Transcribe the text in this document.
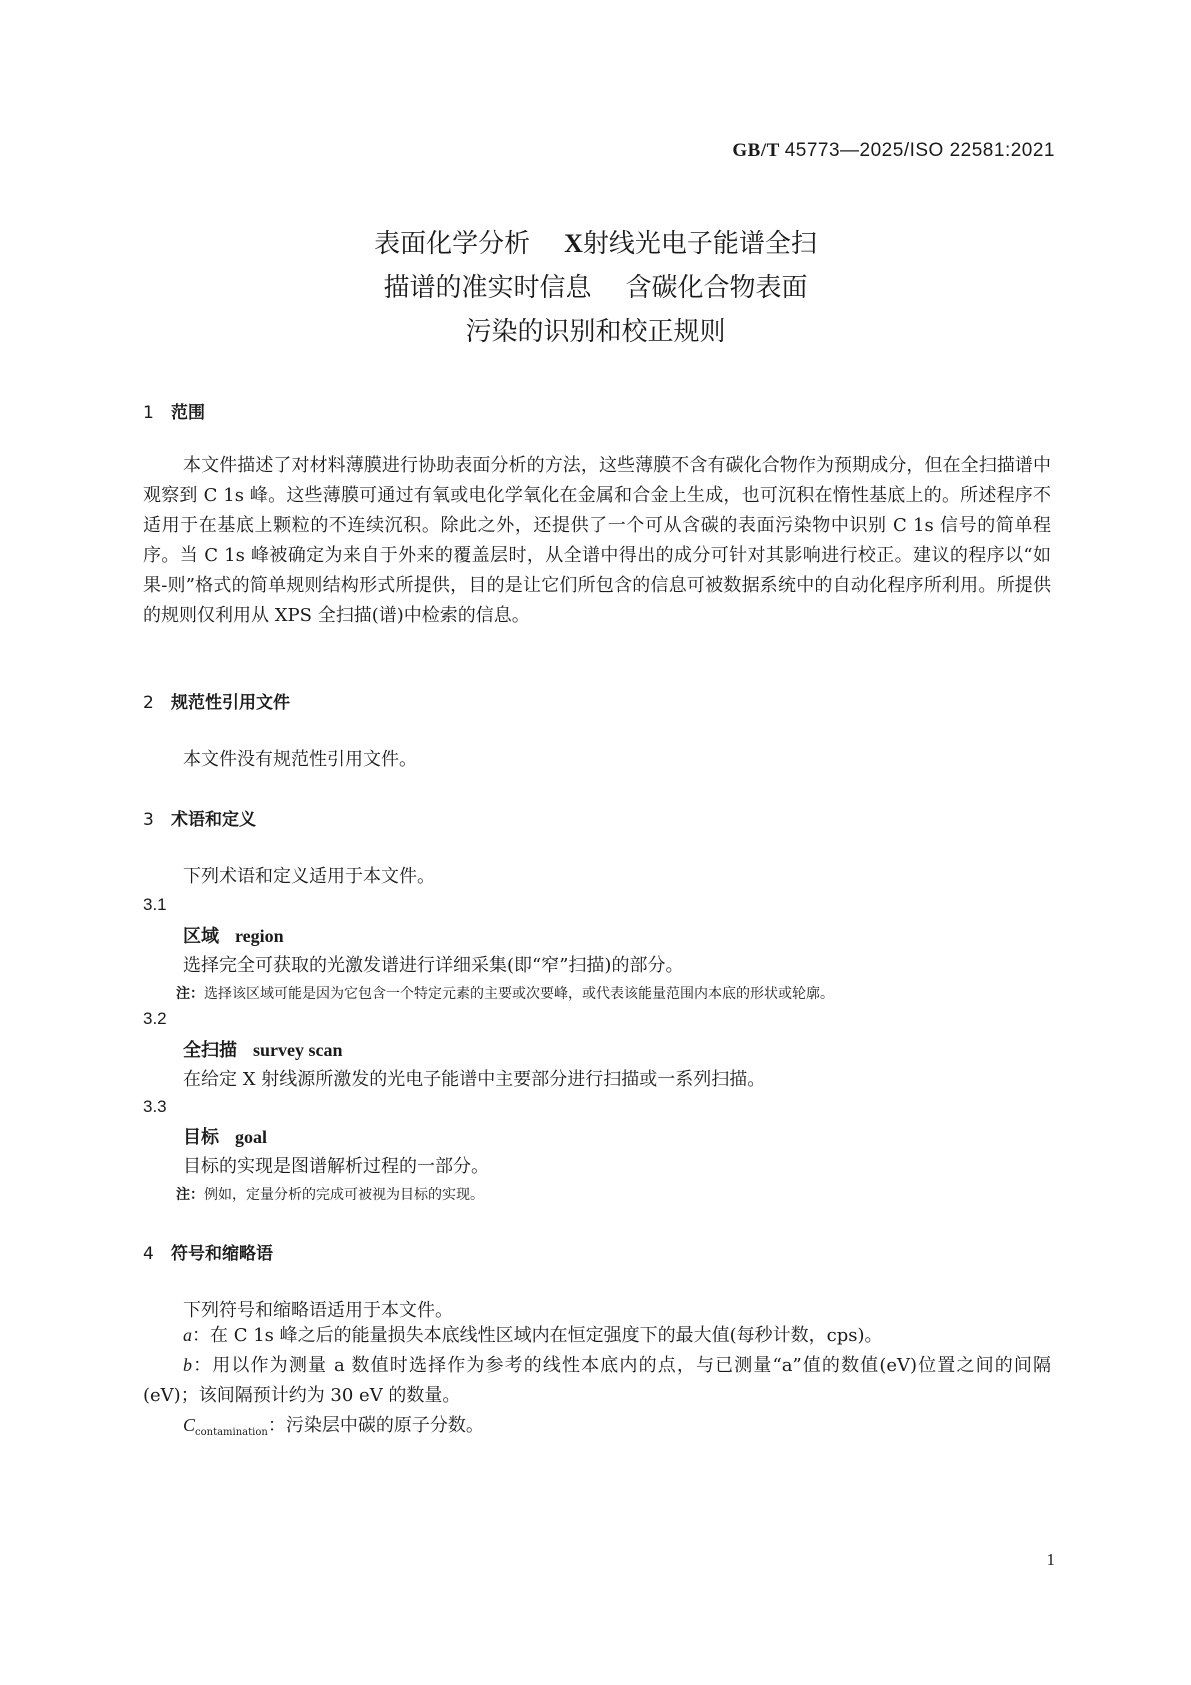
GB/T 45773—2025/ISO 22581:2021
表面化学分析 X射线光电子能谱全扫
描谱的准实时信息 含碳化合物表面
污染的识别和校正规则
1 范围
本文件描述了对材料薄膜进行协助表面分析的方法，这些薄膜不含有碳化合物作为预期成分，但在全扫描谱中观察到 C 1s 峰。这些薄膜可通过有氧或电化学氧化在金属和合金上生成，也可沉积在惰性基底上的。所述程序不适用于在基底上颗粒的不连续沉积。除此之外，还提供了一个可从含碳的表面污染物中识别 C 1s 信号的简单程序。当 C 1s 峰被确定为来自于外来的覆盖层时，从全谱中得出的成分可针对其影响进行校正。建议的程序以“如果-则”格式的简单规则结构形式所提供，目的是让它们所包含的信息可被数据系统中的自动化程序所利用。所提供的规则仅利用从 XPS 全扫描(谱)中检索的信息。
2 规范性引用文件
本文件没有规范性引用文件。
3 术语和定义
下列术语和定义适用于本文件。
3.1
区域 region
选择完全可获取的光激发谱进行详细采集(即“窄”扫描)的部分。
注：选择该区域可能是因为它包含一个特定元素的主要或次要峰，或代表该能量范围内本底的形状或轮廓。
3.2
全扫描 survey scan
在给定 X 射线源所激发的光电子能谱中主要部分进行扫描或一系列扫描。
3.3
目标 goal
目标的实现是图谱解析过程的一部分。
注：例如，定量分析的完成可被视为目标的实现。
4 符号和缩略语
下列符号和缩略语适用于本文件。
a：在 C 1s 峰之后的能量损失本底线性区域内在恒定强度下的最大值(每秒计数，cps)。
b：用以作为测量 a 数值时选择作为参考的线性本底内的点，与已测量“a”值的数值(eV)位置之间的间隔(eV)；该间隔预计约为 30 eV 的数量。
$C_{contamination}$：污染层中碳的原子分数。
1
